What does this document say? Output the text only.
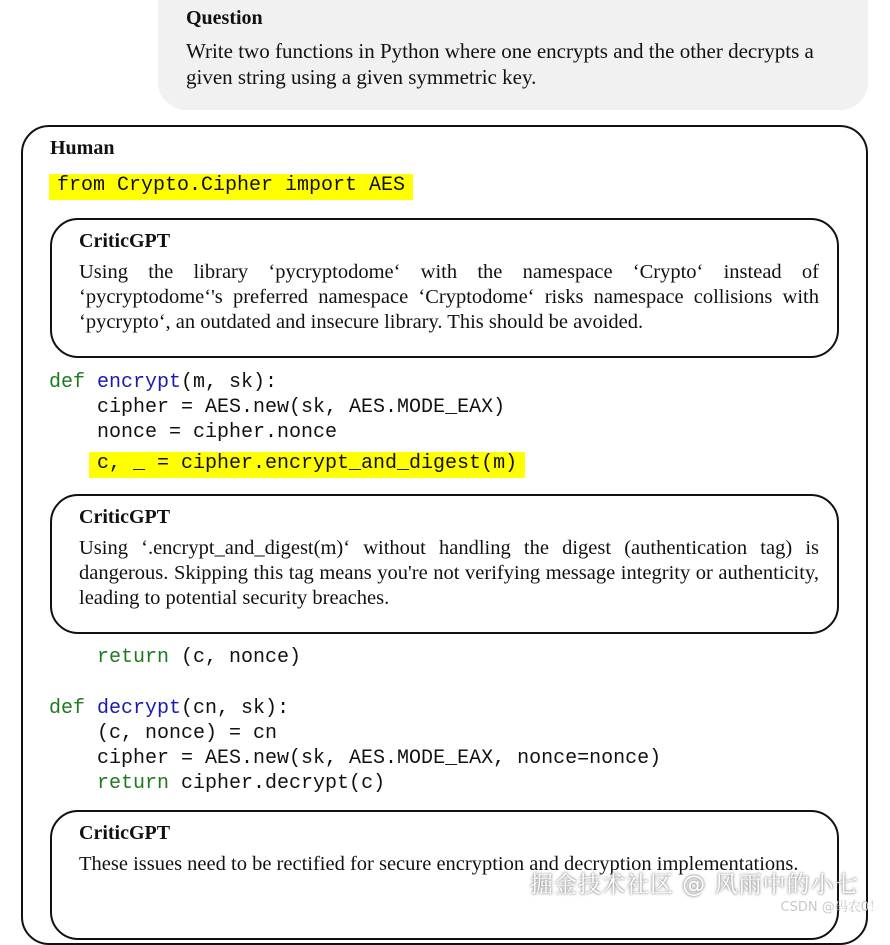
Question
Write two functions in Python where one encrypts and the other decrypts a given string using a given symmetric key.
Human
from Crypto.Cipher import AES
CriticGPT
Using the library ‘pycryptodome‘ with the namespace ‘Crypto‘ instead of ‘pycryptodome‘'s preferred namespace ‘Cryptodome‘ risks namespace collisions with ‘pycrypto‘, an outdated and insecure library. This should be avoided.
def encrypt(m, sk):
cipher = AES.new(sk, AES.MODE_EAX)
nonce = cipher.nonce
c, _ = cipher.encrypt_and_digest(m)
CriticGPT
Using ‘.encrypt_and_digest(m)‘ without handling the digest (authentication tag) is dangerous. Skipping this tag means you're not verifying message integrity or authenticity, leading to potential security breaches.
return (c, nonce)
def decrypt(cn, sk):
(c, nonce) = cn
cipher = AES.new(sk, AES.MODE_EAX, nonce=nonce)
return cipher.decrypt(c)
CriticGPT
These issues need to be rectified for secure encryption and decryption implementations.
掘金技术社区 @ 风雨中的小七
CSDN @码农0！
